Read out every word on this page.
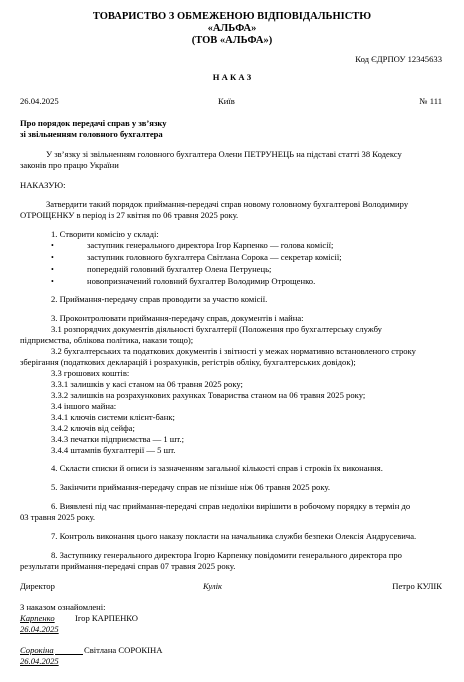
ТОВАРИСТВО З ОБМЕЖЕНОЮ ВІДПОВІДАЛЬНІСТЮ
«АЛЬФА»
(ТОВ «АЛЬФА»)
Код ЄДРПОУ 12345633
Н А К А З
26.04.2025	Київ	№ 111
Про порядок передачі справ у зв’язку
зі звільненням головного бухгалтера
У зв’язку зі звільненням головного бухгалтера Олени ПЕТРУНЕЦЬ на підставі статті 38 Кодексу
законів про працю України
НАКАЗУЮ:
Затвердити такий порядок приймання-передачі справ новому головному бухгалтерові Володимиру
ОТРОЩЕНКУ в період із 27 квітня по 06 травня 2025 року.
1. Створити комісію у складі:
•	заступник генерального директора Ігор Карпенко — голова комісії;
•	заступник головного бухгалтера Світлана Сорока — секретар комісії;
•	попередній головний бухгалтер Олена Петрунець;
•	новопризначений головний бухгалтер Володимир Отрощенко.
2. Приймання-передачу справ проводити за участю комісії.
3. Проконтролювати приймання-передачу справ, документів і майна:
3.1 розпорядчих документів діяльності бухгалтерії (Положення про бухгалтерську службу
підприємства, облікова політика, накази тощо);
3.2 бухгалтерських та податкових документів і звітності у межах нормативно встановленого строку
зберігання (податкових декларацій і розрахунків, регістрів обліку, бухгалтерських довідок);
3.3 грошових коштів:
3.3.1 залишків у касі станом на 06 травня 2025 року;
3.3.2 залишків на розрахункових рахунках Товариства станом на 06 травня 2025 року;
3.4 іншого майна:
3.4.1 ключів системи клієнт-банк;
3.4.2 ключів від сейфа;
3.4.3 печатки підприємства — 1 шт.;
3.4.4 штампів бухгалтерії — 5 шт.
4. Скласти списки й описи із зазначенням загальної кількості справ і строків їх виконання.
5. Закінчити приймання-передачу справ не пізніше ніж 06 травня 2025 року.
6. Виявлені під час приймання-передачі справ недоліки вирішити в робочому порядку в термін до
03 травня 2025 року.
7. Контроль виконання цього наказу покласти на начальника служби безпеки Олексія Андрусевича.
8. Заступнику генерального директора Ігорю Карпенку повідомити генерального директора про
результати приймання-передачі справ 07 травня 2025 року.
Директор	Кулік	Петро КУЛІК
З наказом ознайомлені:
Карпенко Ігор КАРПЕНКО
26.04.2025
Сорокіна	Світлана СОРОКІНА
26.04.2025
